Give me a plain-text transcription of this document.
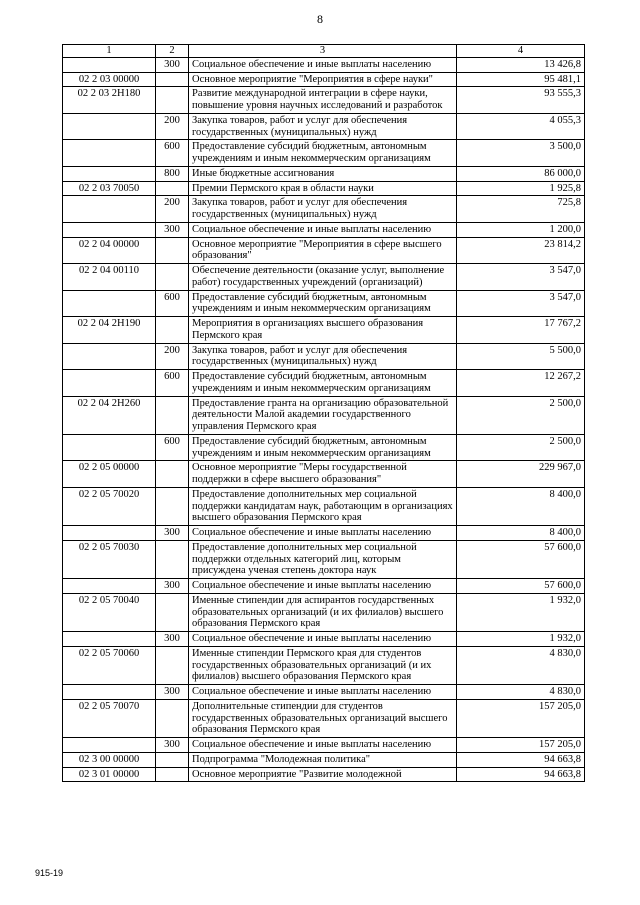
8
1	2	3	4
	300	Социальное обеспечение и иные выплаты населению	13 426,8
02 2 03 00000		Основное мероприятие "Мероприятия в сфере науки"	95 481,1
02 2 03 2Н180		Развитие международной интеграции в сфере науки, повышение уровня научных исследований и разработок	93 555,3
	200	Закупка товаров, работ и услуг для обеспечения государственных (муниципальных) нужд	4 055,3
	600	Предоставление субсидий бюджетным, автономным учреждениям и иным некоммерческим организациям	3 500,0
	800	Иные бюджетные ассигнования	86 000,0
02 2 03 70050		Премии Пермского края в области науки	1 925,8
	200	Закупка товаров, работ и услуг для обеспечения государственных (муниципальных) нужд	725,8
	300	Социальное обеспечение и иные выплаты населению	1 200,0
02 2 04 00000		Основное мероприятие "Мероприятия в сфере высшего образования"	23 814,2
02 2 04 00110		Обеспечение деятельности (оказание услуг, выполнение работ) государственных учреждений (организаций)	3 547,0
	600	Предоставление субсидий бюджетным, автономным учреждениям и иным некоммерческим организациям	3 547,0
02 2 04 2Н190		Мероприятия в организациях высшего образования Пермского края	17 767,2
	200	Закупка товаров, работ и услуг для обеспечения государственных (муниципальных) нужд	5 500,0
	600	Предоставление субсидий бюджетным, автономным учреждениям и иным некоммерческим организациям	12 267,2
02 2 04 2Н260		Предоставление гранта на организацию образовательной деятельности Малой академии государственного управления Пермского края	2 500,0
	600	Предоставление субсидий бюджетным, автономным учреждениям и иным некоммерческим организациям	2 500,0
02 2 05 00000		Основное мероприятие "Меры государственной поддержки в сфере высшего образования"	229 967,0
02 2 05 70020		Предоставление дополнительных мер социальной поддержки кандидатам наук, работающим в организациях высшего образования Пермского края	8 400,0
	300	Социальное обеспечение и иные выплаты населению	8 400,0
02 2 05 70030		Предоставление дополнительных мер социальной поддержки отдельных категорий лиц, которым присуждена ученая степень доктора наук	57 600,0
	300	Социальное обеспечение и иные выплаты населению	57 600,0
02 2 05 70040		Именные стипендии для аспирантов государственных образовательных организаций (и их филиалов) высшего образования Пермского края	1 932,0
	300	Социальное обеспечение и иные выплаты населению	1 932,0
02 2 05 70060		Именные стипендии Пермского края для студентов государственных образовательных организаций (и их филиалов) высшего образования Пермского края	4 830,0
	300	Социальное обеспечение и иные выплаты населению	4 830,0
02 2 05 70070		Дополнительные стипендии для студентов государственных образовательных организаций высшего образования Пермского края	157 205,0
	300	Социальное обеспечение и иные выплаты населению	157 205,0
02 3 00 00000		Подпрограмма "Молодежная политика"	94 663,8
02 3 01 00000		Основное мероприятие "Развитие молодежной	94 663,8
915-19
